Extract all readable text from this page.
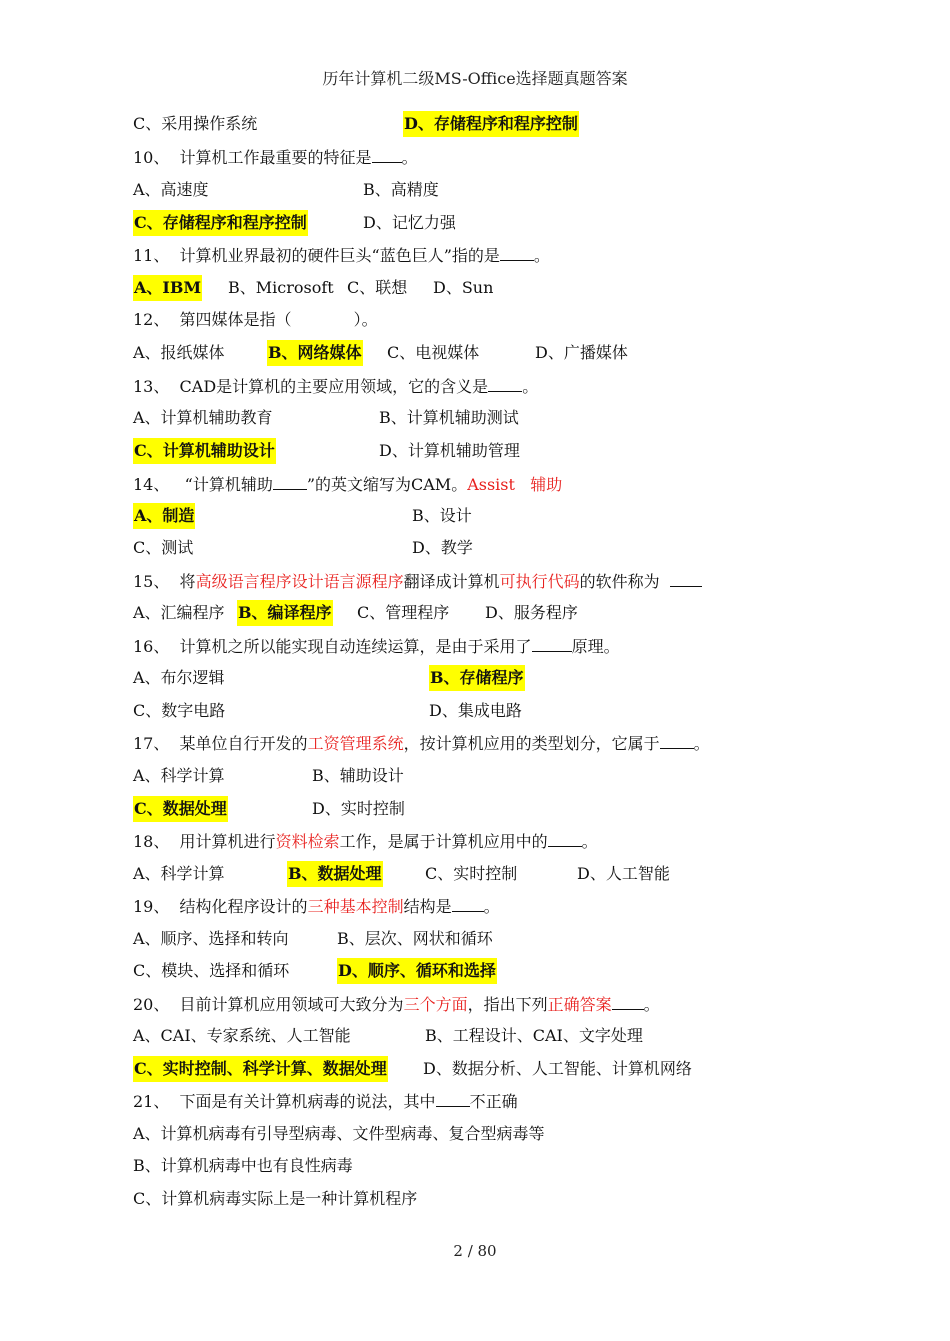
历年计算机二级MS-Office选择题真题答案
C、采用操作系统	D、存储程序和程序控制
10、 计算机工作最重要的特征是 。
A、高速度	B、高精度
C、存储程序和程序控制	D、记忆力强
11、 计算机业界最初的硬件巨头“蓝色巨人”指的是 。
A、IBM B、Microsoft C、联想 D、Sun
12、 第四媒体是指（	）。
A、报纸媒体	B、网络媒体 C、电视媒体	D、广播媒体
13、 CAD是计算机的主要应用领域，它的含义是 。
A、计算机辅助教育	B、计算机辅助测试
C、计算机辅助设计	D、计算机辅助管理
14、 “计算机辅助 ”的英文缩写为CAM。Assist 辅助
A、制造	B、设计
C、测试	D、教学
15、 将高级语言程序设计语言源程序翻译成计算机可执行代码的软件称为
A、汇编程序 B、编译程序 C、管理程序 D、服务程序
16、 计算机之所以能实现自动连续运算，是由于采用了	原理。
A、布尔逻辑	B、存储程序
C、数字电路	D、集成电路
17、 某单位自行开发的工资管理系统，按计算机应用的类型划分，它属于 。
A、科学计算	B、辅助设计
C、数据处理	D、实时控制
18、 用计算机进行资料检索工作，是属于计算机应用中的 。
A、科学计算	B、数据处理	C、实时控制	D、人工智能
19、 结构化程序设计的三种基本控制结构是 。
A、顺序、选择和转向	B、层次、网状和循环
C、模块、选择和循环	D、顺序、循环和选择
20、 目前计算机应用领域可大致分为三个方面，指出下列正确答案 。
A、CAI、专家系统、人工智能	B、工程设计、CAI、文字处理
C、实时控制、科学计算、数据处理 D、数据分析、人工智能、计算机网络
21、 下面是有关计算机病毒的说法，其中 不正确
A、计算机病毒有引导型病毒、文件型病毒、复合型病毒等
B、计算机病毒中也有良性病毒
C、计算机病毒实际上是一种计算机程序
2 / 80
